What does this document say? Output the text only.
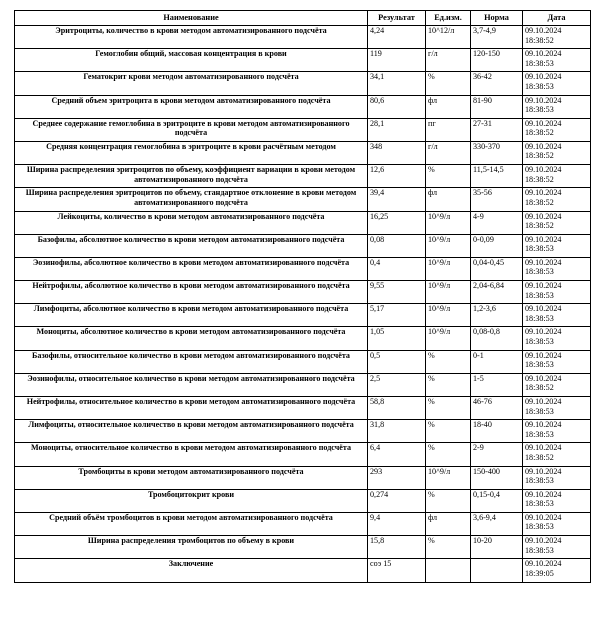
Наименование	Результат	Ед.изм.	Норма	Дата
Эритроциты, количество в крови методом автоматизированного подсчёта	4,24	10^12/л	3,7-4,9	09.10.2024 18:38:52
Гемоглобин общий, массовая концентрация в крови	119	г/л	120-150	09.10.2024 18:38:53
Гематокрит крови методом автоматизированного подсчёта	34,1	%	36-42	09.10.2024 18:38:53
Средний объем эритроцита в крови методом автоматизированного подсчёта	80,6	фл	81-90	09.10.2024 18:38:53
Среднее содержание гемоглобина в эритроците в крови методом автоматизированного подсчёта	28,1	пг	27-31	09.10.2024 18:38:52
Средняя концентрация гемоглобина в эритроците в крови расчётным методом	348	г/л	330-370	09.10.2024 18:38:52
Ширина распределения эритроцитов по объему, коэффициент вариации в крови методом автоматизированного подсчёта	12,6	%	11,5-14,5	09.10.2024 18:38:52
Ширина распределения эритроцитов по объему, стандартное отклонение в крови методом автоматизированного подсчёта	39,4	фл	35-56	09.10.2024 18:38:52
Лейкоциты, количество в крови методом автоматизированного подсчёта	16,25	10^9/л	4-9	09.10.2024 18:38:52
Базофилы, абсолютное количество в крови методом автоматизированного подсчёта	0,08	10^9/л	0-0,09	09.10.2024 18:38:53
Эозинофилы, абсолютное количество в крови методом автоматизированного подсчёта	0,4	10^9/л	0,04-0,45	09.10.2024 18:38:53
Нейтрофилы, абсолютное количество в крови методом автоматизированного подсчёта	9,55	10^9/л	2,04-6,84	09.10.2024 18:38:53
Лимфоциты, абсолютное количество в крови методом автоматизированного подсчёта	5,17	10^9/л	1,2-3,6	09.10.2024 18:38:53
Моноциты, абсолютное количество в крови методом автоматизированного подсчёта	1,05	10^9/л	0,08-0,8	09.10.2024 18:38:53
Базофилы, относительное количество в крови методом автоматизированного подсчёта	0,5	%	0-1	09.10.2024 18:38:53
Эозинофилы, относительное количество в крови методом автоматизированного подсчёта	2,5	%	1-5	09.10.2024 18:38:52
Нейтрофилы, относительное количество в крови методом автоматизированного подсчёта	58,8	%	46-76	09.10.2024 18:38:53
Лимфоциты, относительное количество в крови методом автоматизированного подсчёта	31,8	%	18-40	09.10.2024 18:38:53
Моноциты, относительное количество в крови методом автоматизированного подсчёта	6,4	%	2-9	09.10.2024 18:38:52
Тромбоциты в крови методом автоматизированного подсчёта	293	10^9/л	150-400	09.10.2024 18:38:53
Тромбоцитокрит крови	0,274	%	0,15-0,4	09.10.2024 18:38:53
Средний объём тромбоцитов в крови методом автоматизированного подсчёта	9,4	фл	3,6-9,4	09.10.2024 18:38:53
Ширина распределения тромбоцитов по объему в крови	15,8	%	10-20	09.10.2024 18:38:53
Заключение	соэ 15			09.10.2024 18:39:05
